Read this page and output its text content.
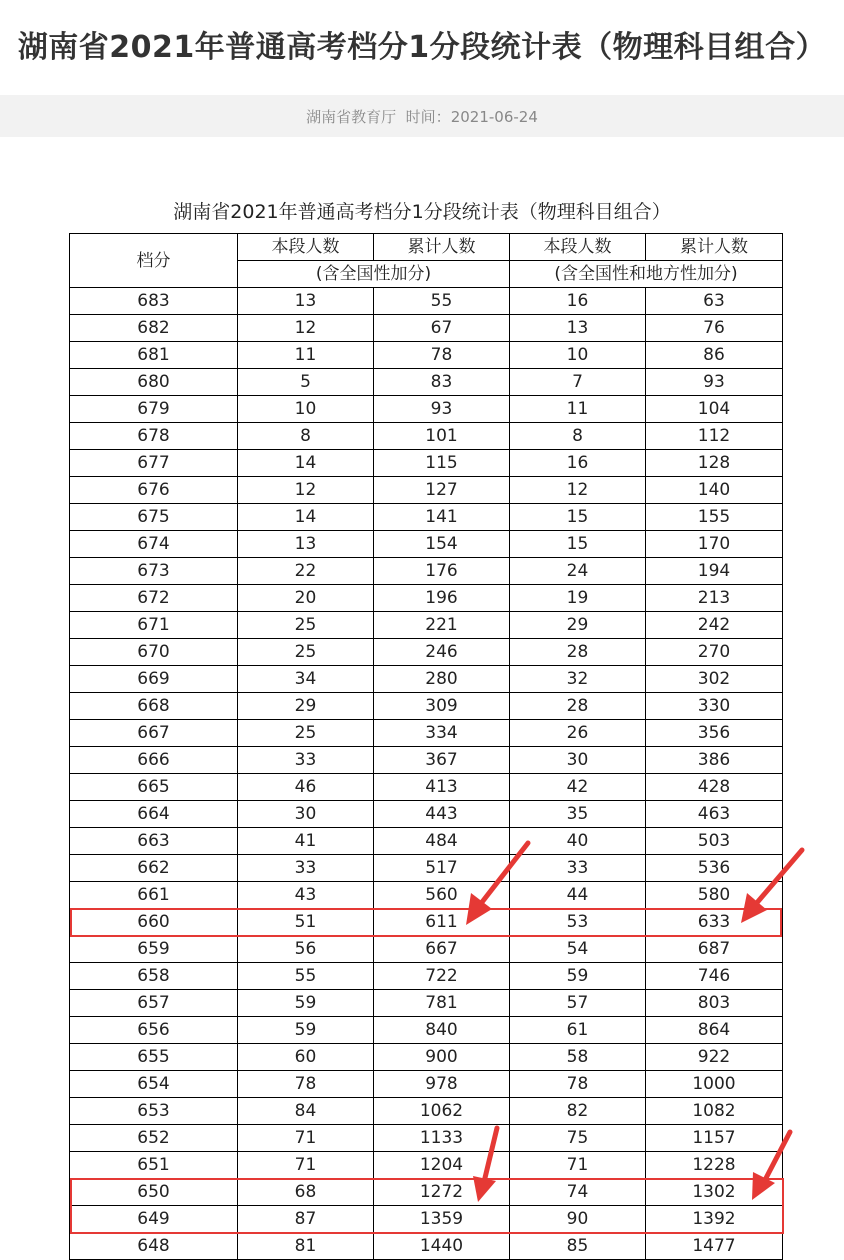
湖南省2021年普通高考档分1分段统计表（物理科目组合）
湖南省教育厅 时间：2021-06-24
湖南省2021年普通高考档分1分段统计表（物理科目组合）
档分	本段人数	累计人数	本段人数	累计人数
	(含全国性加分)		(含全国性和地方性加分)	
683	13	55	16	63
682	12	67	13	76
681	11	78	10	86
680	5	83	7	93
679	10	93	11	104
678	8	101	8	112
677	14	115	16	128
676	12	127	12	140
675	14	141	15	155
674	13	154	15	170
673	22	176	24	194
672	20	196	19	213
671	25	221	29	242
670	25	246	28	270
669	34	280	32	302
668	29	309	28	330
667	25	334	26	356
666	33	367	30	386
665	46	413	42	428
664	30	443	35	463
663	41	484	40	503
662	33	517	33	536
661	43	560	44	580
660	51	611	53	633
659	56	667	54	687
658	55	722	59	746
657	59	781	57	803
656	59	840	61	864
655	60	900	58	922
654	78	978	78	1000
653	84	1062	82	1082
652	71	1133	75	1157
651	71	1204	71	1228
650	68	1272	74	1302
649	87	1359	90	1392
648	81	1440	85	1477
